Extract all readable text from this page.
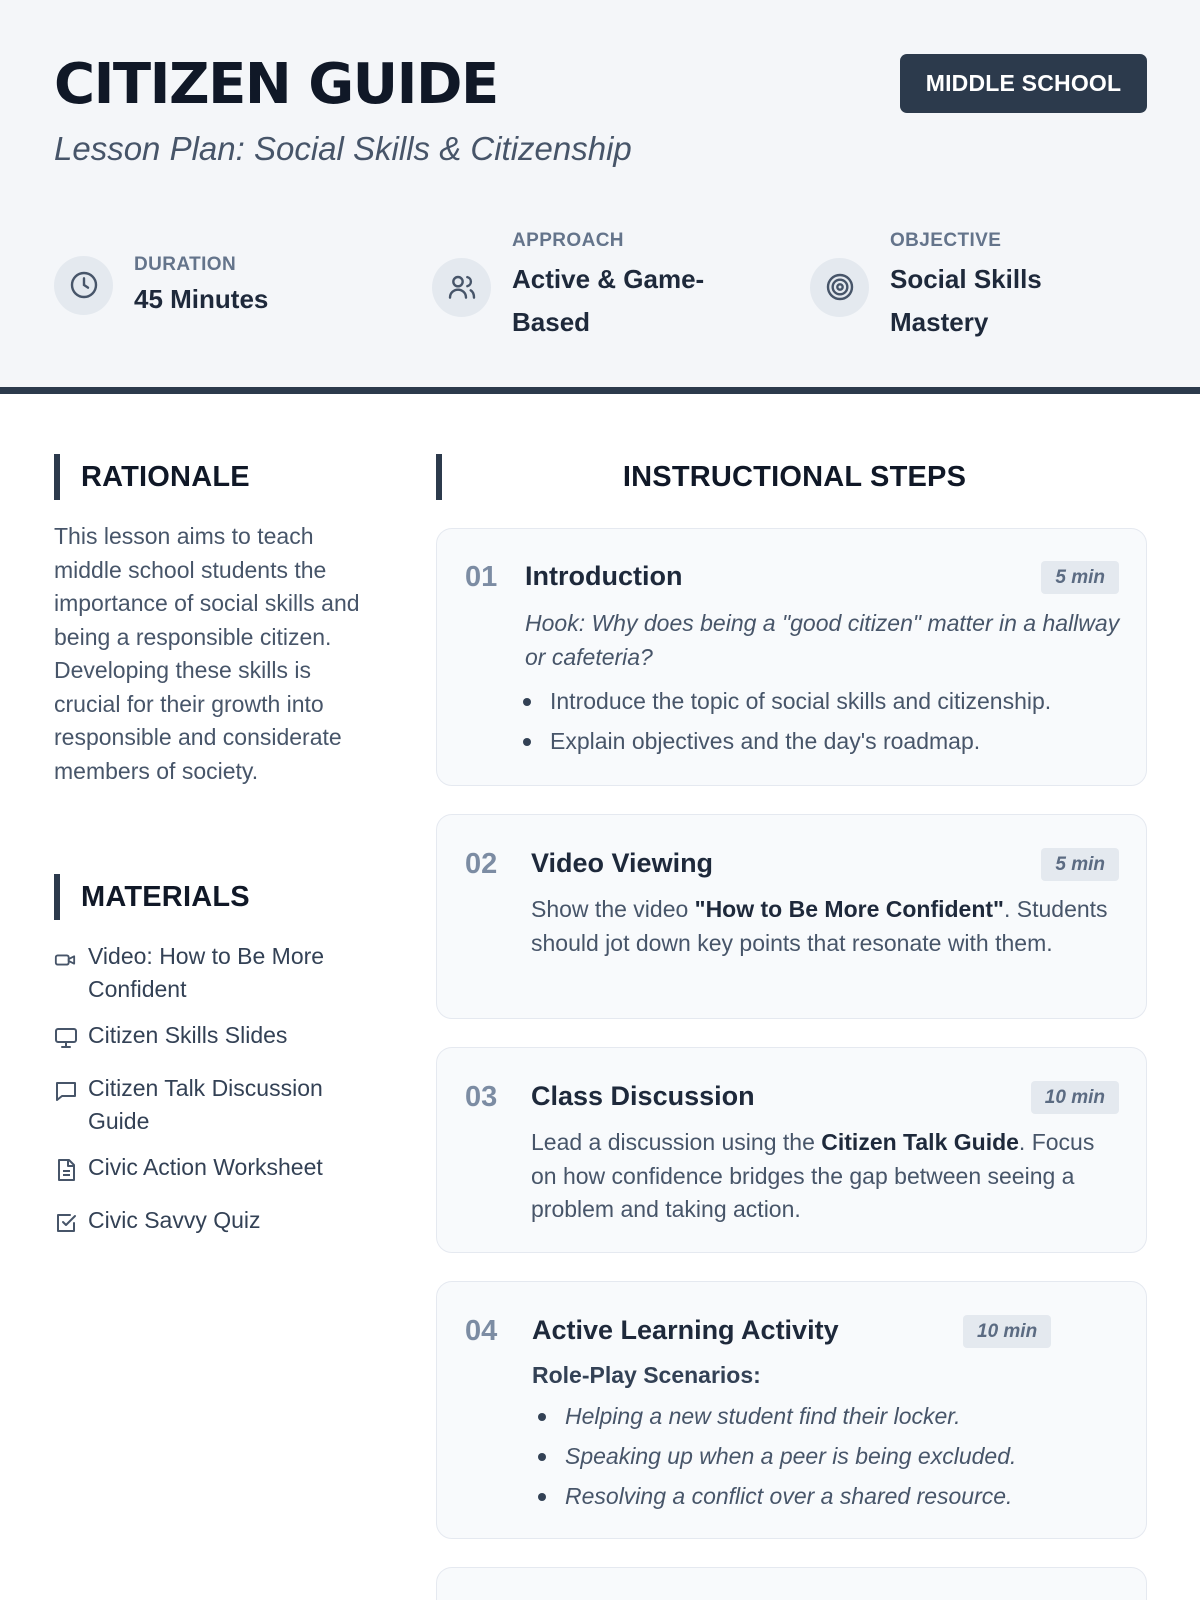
CITIZEN GUIDE
Lesson Plan: Social Skills & Citizenship
MIDDLE SCHOOL
DURATION
45 Minutes
APPROACH
Active & Game-Based
OBJECTIVE
Social Skills Mastery
RATIONALE
This lesson aims to teach middle school students the importance of social skills and being a responsible citizen. Developing these skills is crucial for their growth into responsible and considerate members of society.
MATERIALS
Video: How to Be More Confident
Citizen Skills Slides
Citizen Talk Discussion Guide
Civic Action Worksheet
Civic Savvy Quiz
INSTRUCTIONAL STEPS
01 Introduction	5 min
Hook: Why does being a "good citizen" matter in a hallway or cafeteria?
Introduce the topic of social skills and citizenship.
Explain objectives and the day's roadmap.
02 Video Viewing	5 min
Show the video "How to Be More Confident". Students should jot down key points that resonate with them.
03 Class Discussion	10 min
Lead a discussion using the Citizen Talk Guide. Focus on how confidence bridges the gap between seeing a problem and taking action.
04 Active Learning Activity	10 min
Role-Play Scenarios:
Helping a new student find their locker.
Speaking up when a peer is being excluded.
Resolving a conflict over a shared resource.
